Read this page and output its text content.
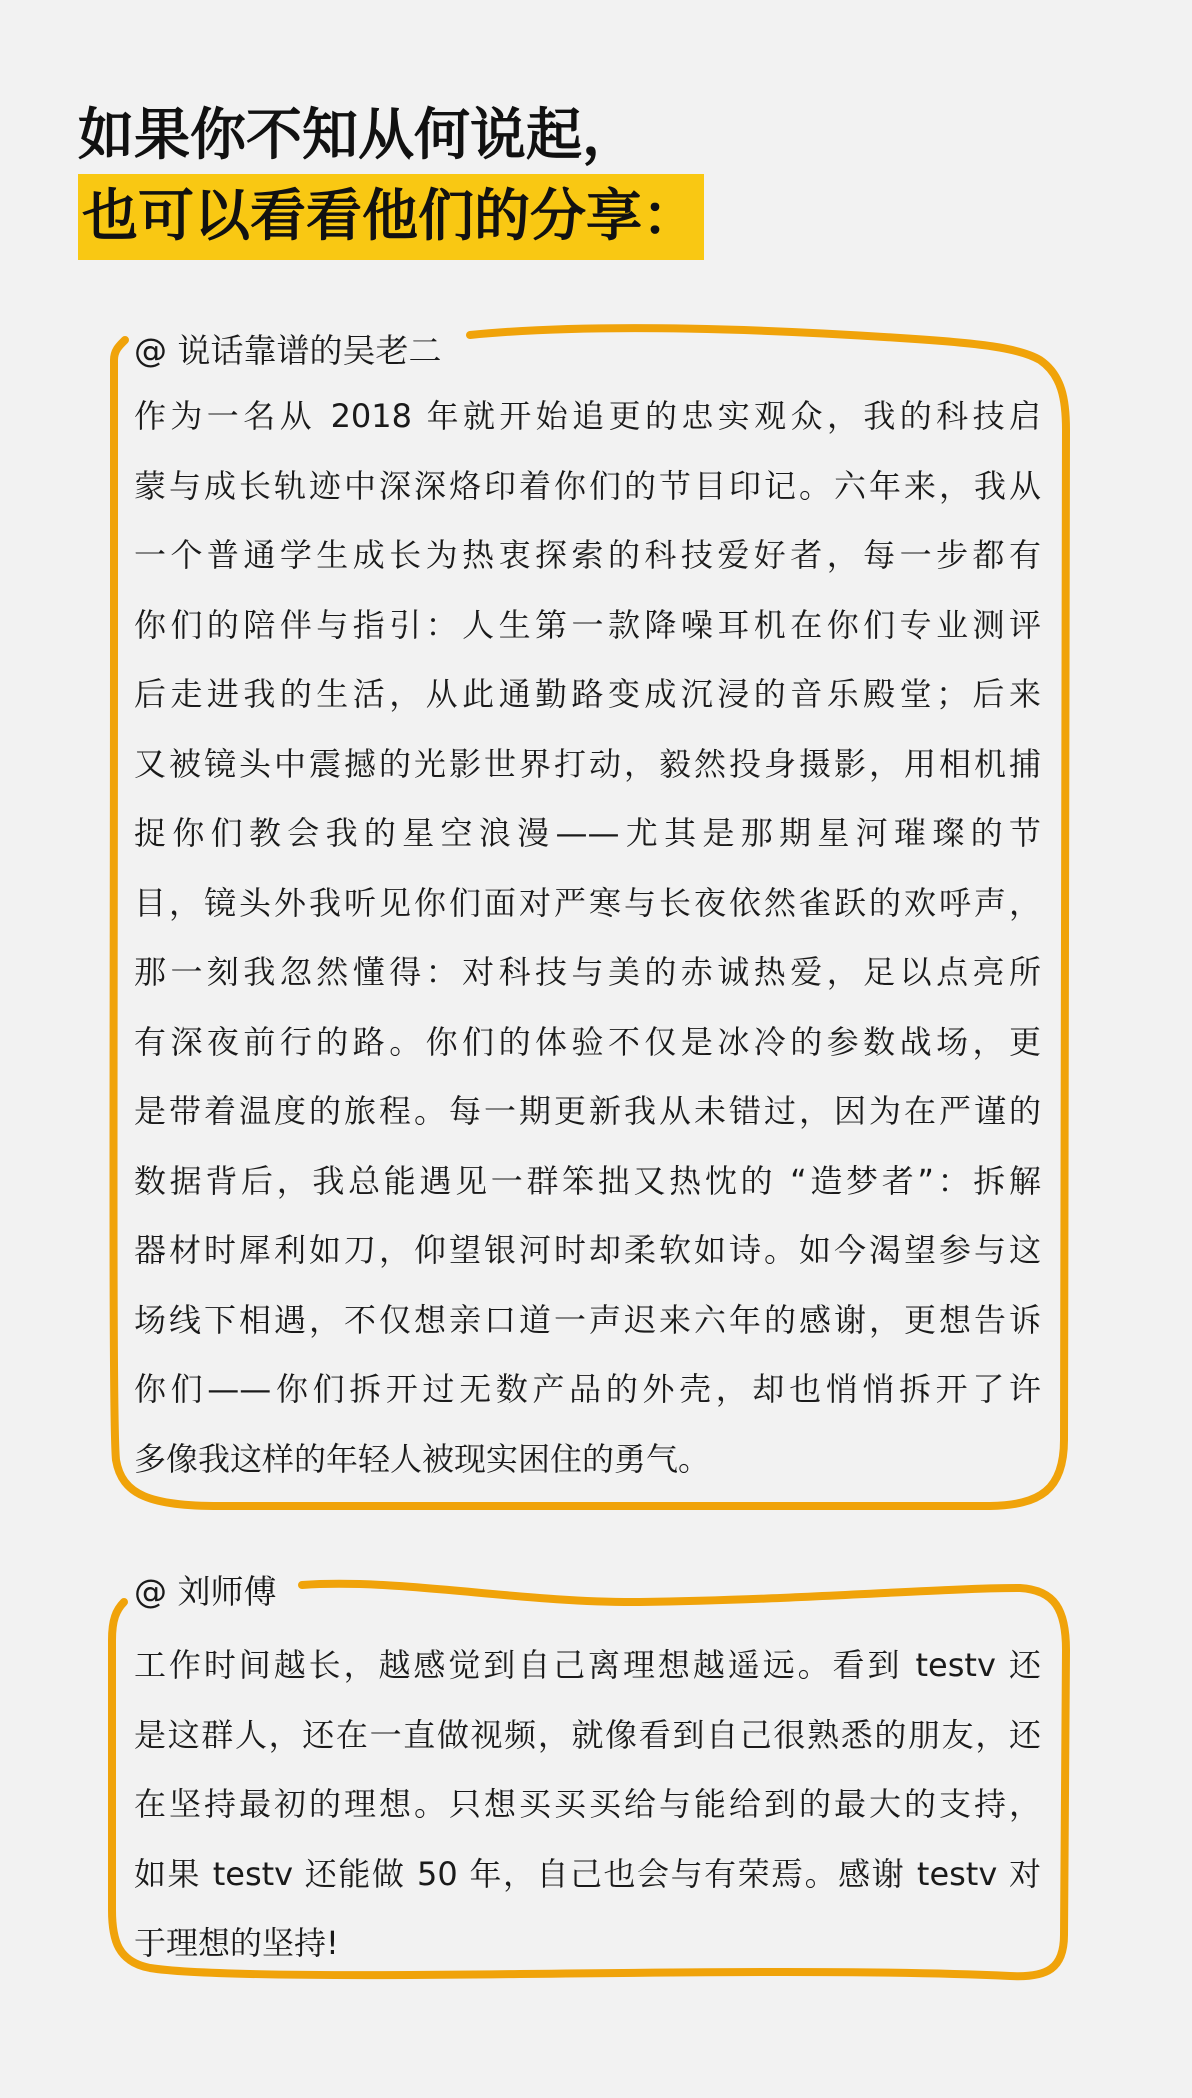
如果你不知从何说起，
也可以看看他们的分享：
@ 说话靠谱的吴老二
作为一名从 2018 年就开始追更的忠实观众，我的科技启
蒙与成长轨迹中深深烙印着你们的节目印记。六年来，我从
一个普通学生成长为热衷探索的科技爱好者，每一步都有
你们的陪伴与指引：人生第一款降噪耳机在你们专业测评
后走进我的生活，从此通勤路变成沉浸的音乐殿堂；后来
又被镜头中震撼的光影世界打动，毅然投身摄影，用相机捕
捉你们教会我的星空浪漫——尤其是那期星河璀璨的节
目，镜头外我听见你们面对严寒与长夜依然雀跃的欢呼声，
那一刻我忽然懂得：对科技与美的赤诚热爱，足以点亮所
有深夜前行的路。你们的体验不仅是冰冷的参数战场，更
是带着温度的旅程。每一期更新我从未错过，因为在严谨的
数据背后，我总能遇见一群笨拙又热忱的 “造梦者”：拆解
器材时犀利如刀，仰望银河时却柔软如诗。如今渴望参与这
场线下相遇，不仅想亲口道一声迟来六年的感谢，更想告诉
你们——你们拆开过无数产品的外壳，却也悄悄拆开了许
多像我这样的年轻人被现实困住的勇气。
@ 刘师傅
工作时间越长，越感觉到自己离理想越遥远。看到 testv 还
是这群人，还在一直做视频，就像看到自己很熟悉的朋友，还
在坚持最初的理想。只想买买买给与能给到的最大的支持，
如果 testv 还能做 50 年，自己也会与有荣焉。感谢 testv 对
于理想的坚持!
